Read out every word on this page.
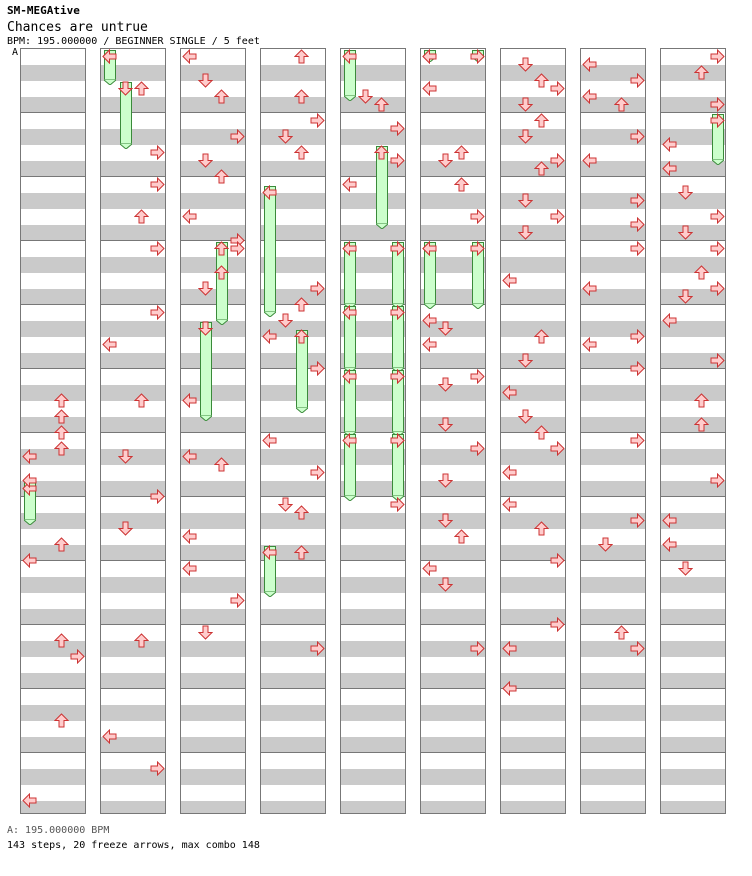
SM-MEGAtive
Chances are untrue
BPM: 195.000000 / BEGINNER SINGLE / 5 feet
A
A: 195.000000 BPM
143 steps, 20 freeze arrows, max combo 148
